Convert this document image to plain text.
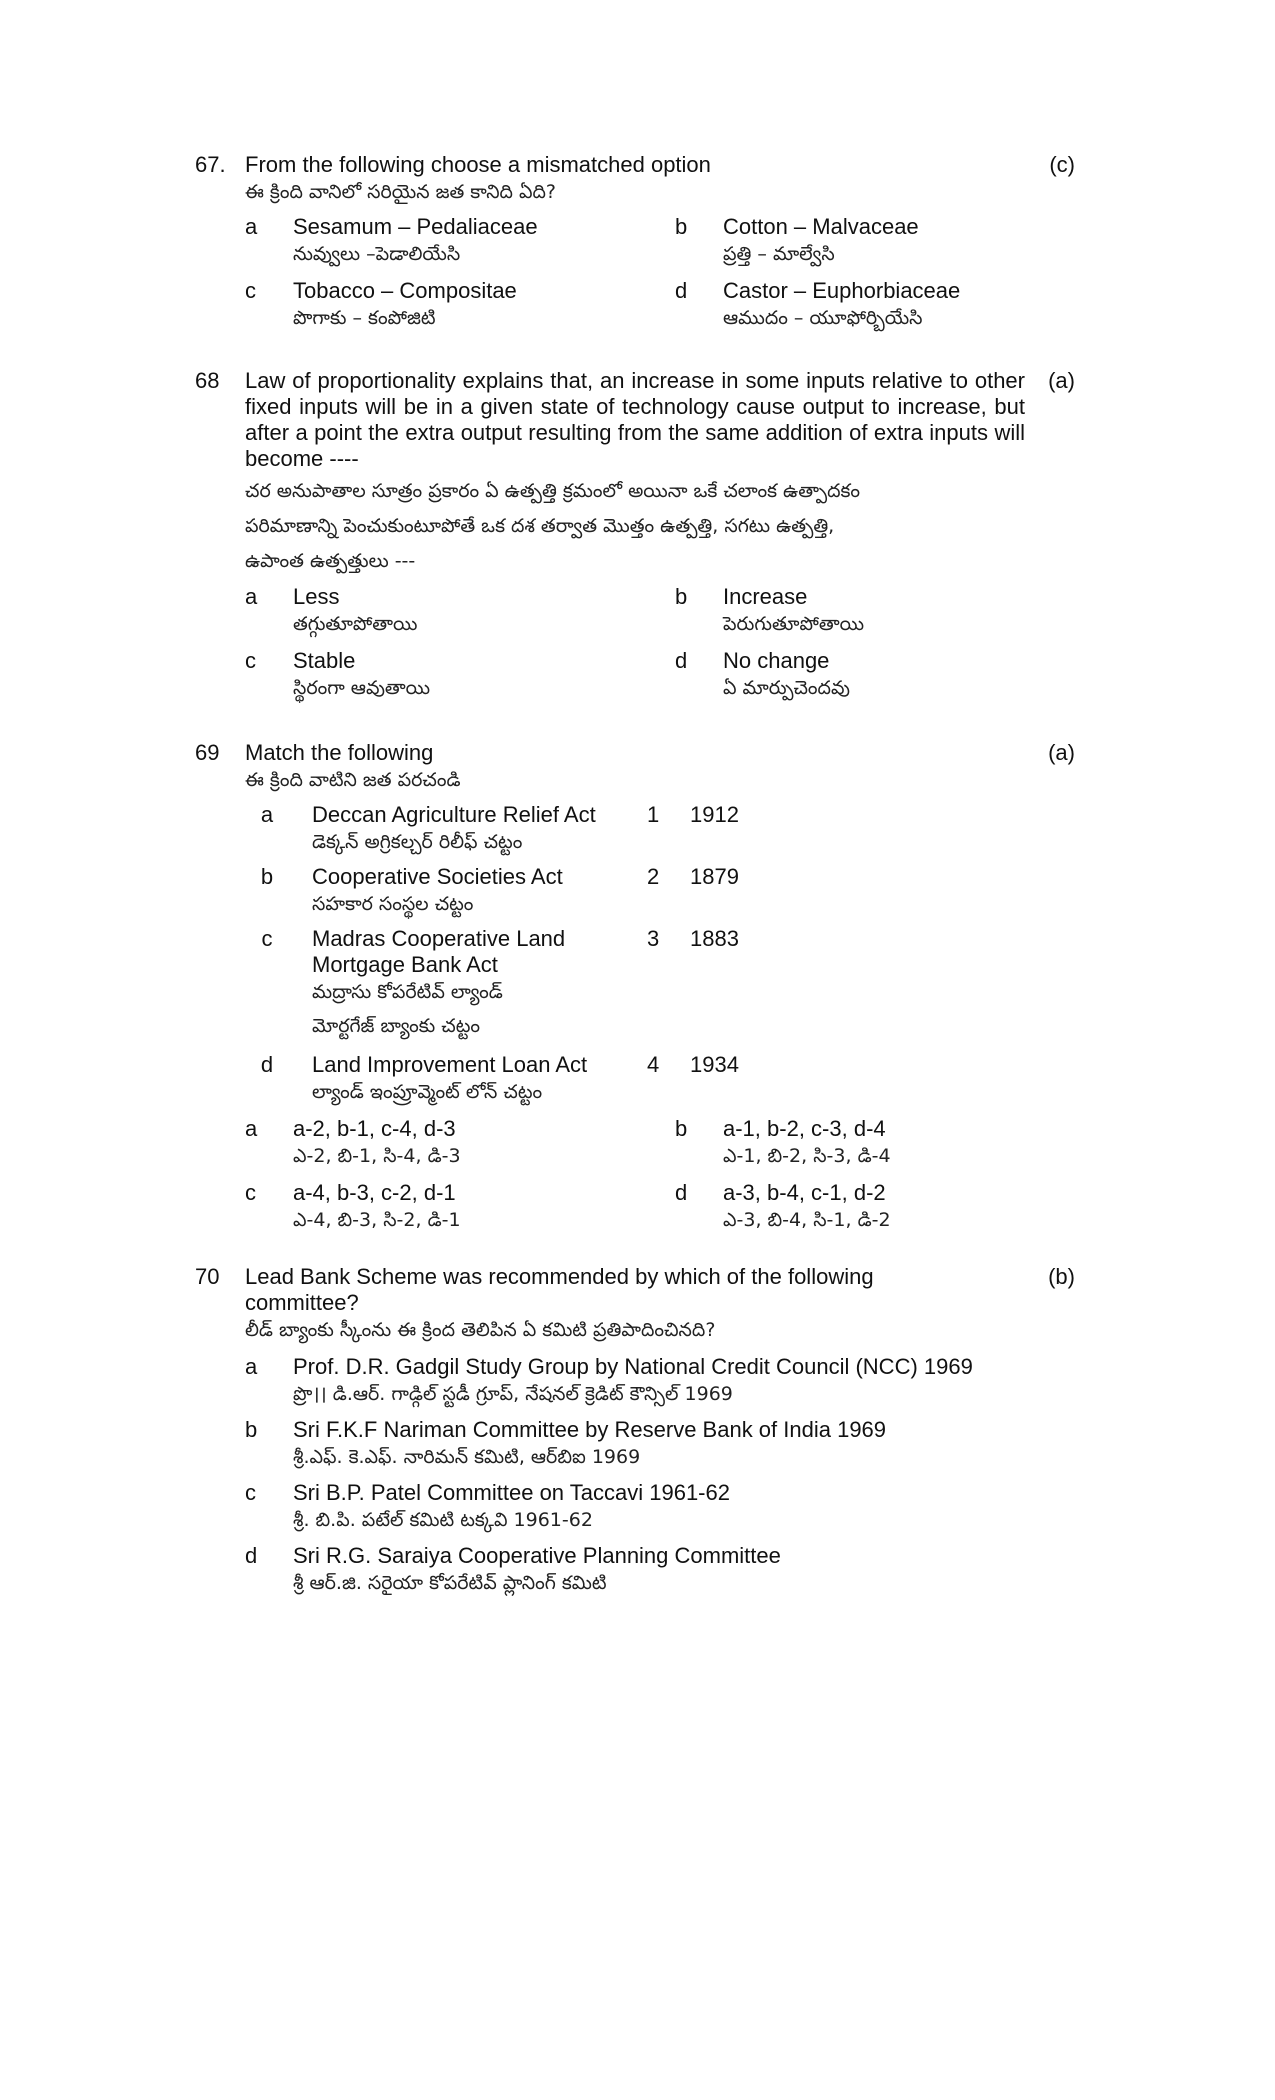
67.	(c)
From the following choose a mismatched option
ఈ క్రింది వానిలో సరియైన జత కానిది ఏది?
a Sesamum – Pedaliaceae
నువ్వులు –పెడాలియేసి
b Cotton – Malvaceae
ప్రత్తి – మాల్వేసి
c Tobacco – Compositae
పొగాకు – కంపోజిటి
d Castor – Euphorbiaceae
ఆముదం – యూఫోర్బియేసి
68	(a)
Law of proportionality explains that, an increase in some inputs relative to other fixed inputs will be in a given state of technology cause output to increase, but after a point the extra output resulting from the same addition of extra inputs will become ----
చర అనుపాతాల సూత్రం ప్రకారం ఏ ఉత్పత్తి క్రమంలో అయినా ఒకే చలాంక ఉత్పాదకం
పరిమాణాన్ని పెంచుకుంటూపోతే ఒక దశ తర్వాత మొత్తం ఉత్పత్తి, సగటు ఉత్పత్తి,
ఉపాంత ఉత్పత్తులు ---
a Less
తగ్గుతూపోతాయి
b Increase
పెరుగుతూపోతాయి
c Stable
స్థిరంగా ఆవుతాయి
d No change
ఏ మార్పుచెందవు
69	(a)
Match the following
ఈ క్రింది వాటిని జత పరచండి
a Deccan Agriculture Relief Act
డెక్కన్ అగ్రికల్చర్ రిలీఫ్ చట్టం
1 1912
b Cooperative Societies Act
సహకార సంస్థల చట్టం
2 1879
c Madras Cooperative Land Mortgage Bank Act
మద్రాసు కోపరేటివ్ ల్యాండ్
మోర్టగేజ్ బ్యాంకు చట్టం
3 1883
d Land Improvement Loan Act
ల్యాండ్ ఇంప్రూవ్మెంట్ లోన్ చట్టం
4 1934
a a-2, b-1, c-4, d-3
ఎ-2, బి-1, సి-4, డి-3
b a-1, b-2, c-3, d-4
ఎ-1, బి-2, సి-3, డి-4
c a-4, b-3, c-2, d-1
ఎ-4, బి-3, సి-2, డి-1
d a-3, b-4, c-1, d-2
ఎ-3, బి-4, సి-1, డి-2
70	(b)
Lead Bank Scheme was recommended by which of the following committee?
లీడ్ బ్యాంకు స్కీంను ఈ క్రింద తెలిపిన ఏ కమిటి ప్రతిపాదించినది?
a Prof. D.R. Gadgil Study Group by National Credit Council (NCC) 1969
ప్రొ।। డి.ఆర్. గాడ్గిల్ స్టడీ గ్రూప్, నేషనల్ క్రెడిట్ కౌన్సిల్ 1969
b Sri F.K.F Nariman Committee by Reserve Bank of India 1969
శ్రీ.ఎఫ్. కె.ఎఫ్. నారిమన్ కమిటి, ఆర్‌బిఐ 1969
c Sri B.P. Patel Committee on Taccavi 1961-62
శ్రీ. బి.పి. పటేల్ కమిటి టక్కవి 1961-62
d Sri R.G. Saraiya Cooperative Planning Committee
శ్రీ ఆర్.జి. సరైయా కోపరేటివ్ ప్లానింగ్ కమిటి
